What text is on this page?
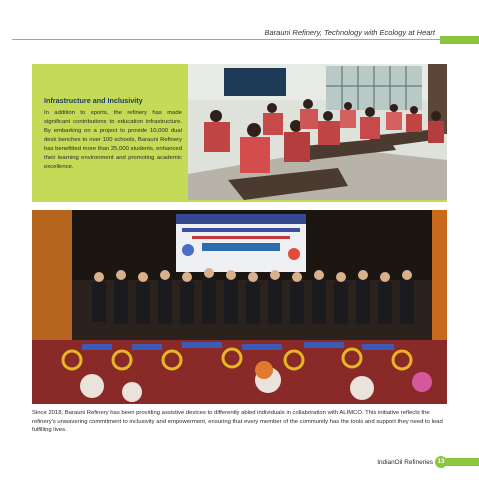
Barauni Refinery, Technology with Ecology at Heart

Infrastructure and Inclusivity

In addition to sports, the refinery has made significant contributions to education infrastructure. By embarking on a project to provide 10,000 dual desk benches to over 100 schools, Barauni Refinery has benefitted more than 25,000 students, enhanced their learning environment and promoting academic excellence.

Since 2018, Barauni Refinery has been providing assistive devices to differently abled individuals in collaboration with ALIMCO. This initiative reflects the refinery's unwavering commitment to inclusivity and empowerment, ensuring that every member of the community has the tools and support they need to lead fulfilling lives.

IndianOil Refineries 13
